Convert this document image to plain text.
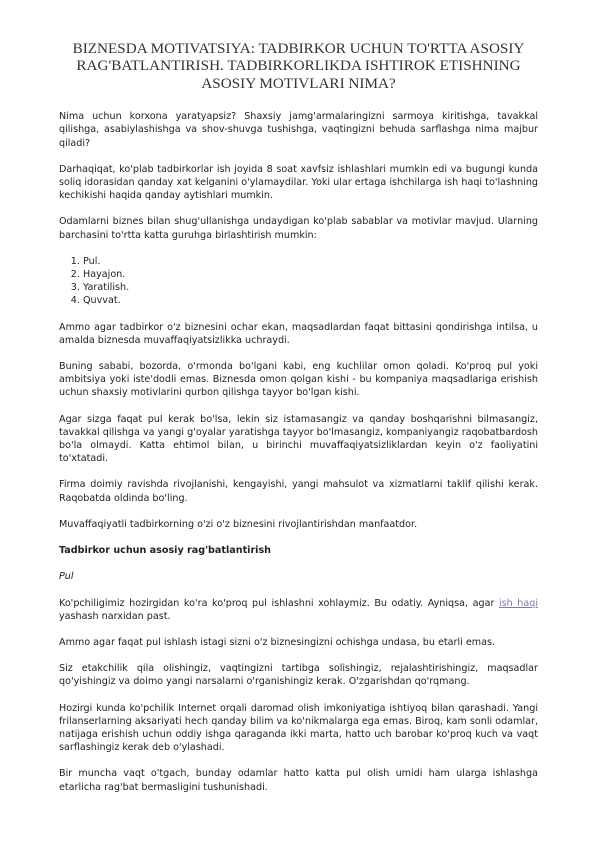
BIZNESDA MOTIVATSIYA: TADBIRKOR UCHUN TO'RTTA ASOSIY RAG'BATLANTIRISH. TADBIRKORLIKDA ISHTIROK ETISHNING ASOSIY MOTIVLARI NIMA?

Nima uchun korxona yaratyapsiz? Shaxsiy jamg'armalaringizni sarmoya kiritishga, tavakkal qilishga, asabiylashishga va shov-shuvga tushishga, vaqtingizni behuda sarflashga nima majbur qiladi?

Darhaqiqat, ko'plab tadbirkorlar ish joyida 8 soat xavfsiz ishlashlari mumkin edi va bugungi kunda soliq idorasidan qanday xat kelganini o'ylamaydilar. Yoki ular ertaga ishchilarga ish haqi to'lashning kechikishi haqida qanday aytishlari mumkin.

Odamlarni biznes bilan shug'ullanishga undaydigan ko'plab sabablar va motivlar mavjud. Ularning barchasini to'rtta katta guruhga birlashtirish mumkin:

1. Pul.
2. Hayajon.
3. Yaratilish.
4. Quvvat.

Ammo agar tadbirkor o'z biznesini ochar ekan, maqsadlardan faqat bittasini qondirishga intilsa, u amalda biznesda muvaffaqiyatsizlikka uchraydi.

Buning sababi, bozorda, o'rmonda bo'lgani kabi, eng kuchlilar omon qoladi. Ko'proq pul yoki ambitsiya yoki iste'dodli emas. Biznesda omon qolgan kishi - bu kompaniya maqsadlariga erishish uchun shaxsiy motivlarini qurbon qilishga tayyor bo'lgan kishi.

Agar sizga faqat pul kerak bo'lsa, lekin siz istamasangiz va qanday boshqarishni bilmasangiz, tavakkal qilishga va yangi g'oyalar yaratishga tayyor bo'lmasangiz, kompaniyangiz raqobatbardosh bo'la olmaydi. Katta ehtimol bilan, u birinchi muvaffaqiyatsizliklardan keyin o'z faoliyatini to'xtatadi.

Firma doimiy ravishda rivojlanishi, kengayishi, yangi mahsulot va xizmatlarni taklif qilishi kerak. Raqobatda oldinda bo'ling.

Muvaffaqiyatli tadbirkorning o'zi o'z biznesini rivojlantirishdan manfaatdor.

Tadbirkor uchun asosiy rag'batlantirish

Pul

Ko'pchiligimiz hozirgidan ko'ra ko'proq pul ishlashni xohlaymiz. Bu odatiy. Ayniqsa, agar ish haqi yashash narxidan past.

Ammo agar faqat pul ishlash istagi sizni o'z biznesingizni ochishga undasa, bu etarli emas.

Siz etakchilik qila olishingiz, vaqtingizni tartibga solishingiz, rejalashtirishingiz, maqsadlar qo'yishingiz va doimo yangi narsalarni o'rganishingiz kerak. O'zgarishdan qo'rqmang.

Hozirgi kunda ko'pchilik Internet orqali daromad olish imkoniyatiga ishtiyoq bilan qarashadi. Yangi frilanserlarning aksariyati hech qanday bilim va ko'nikmalarga ega emas. Biroq, kam sonli odamlar, natijaga erishish uchun oddiy ishga qaraganda ikki marta, hatto uch barobar ko'proq kuch va vaqt sarflashingiz kerak deb o'ylashadi.

Bir muncha vaqt o'tgach, bunday odamlar hatto katta pul olish umidi ham ularga ishlashga etarlicha rag'bat bermasligini tushunishadi.
